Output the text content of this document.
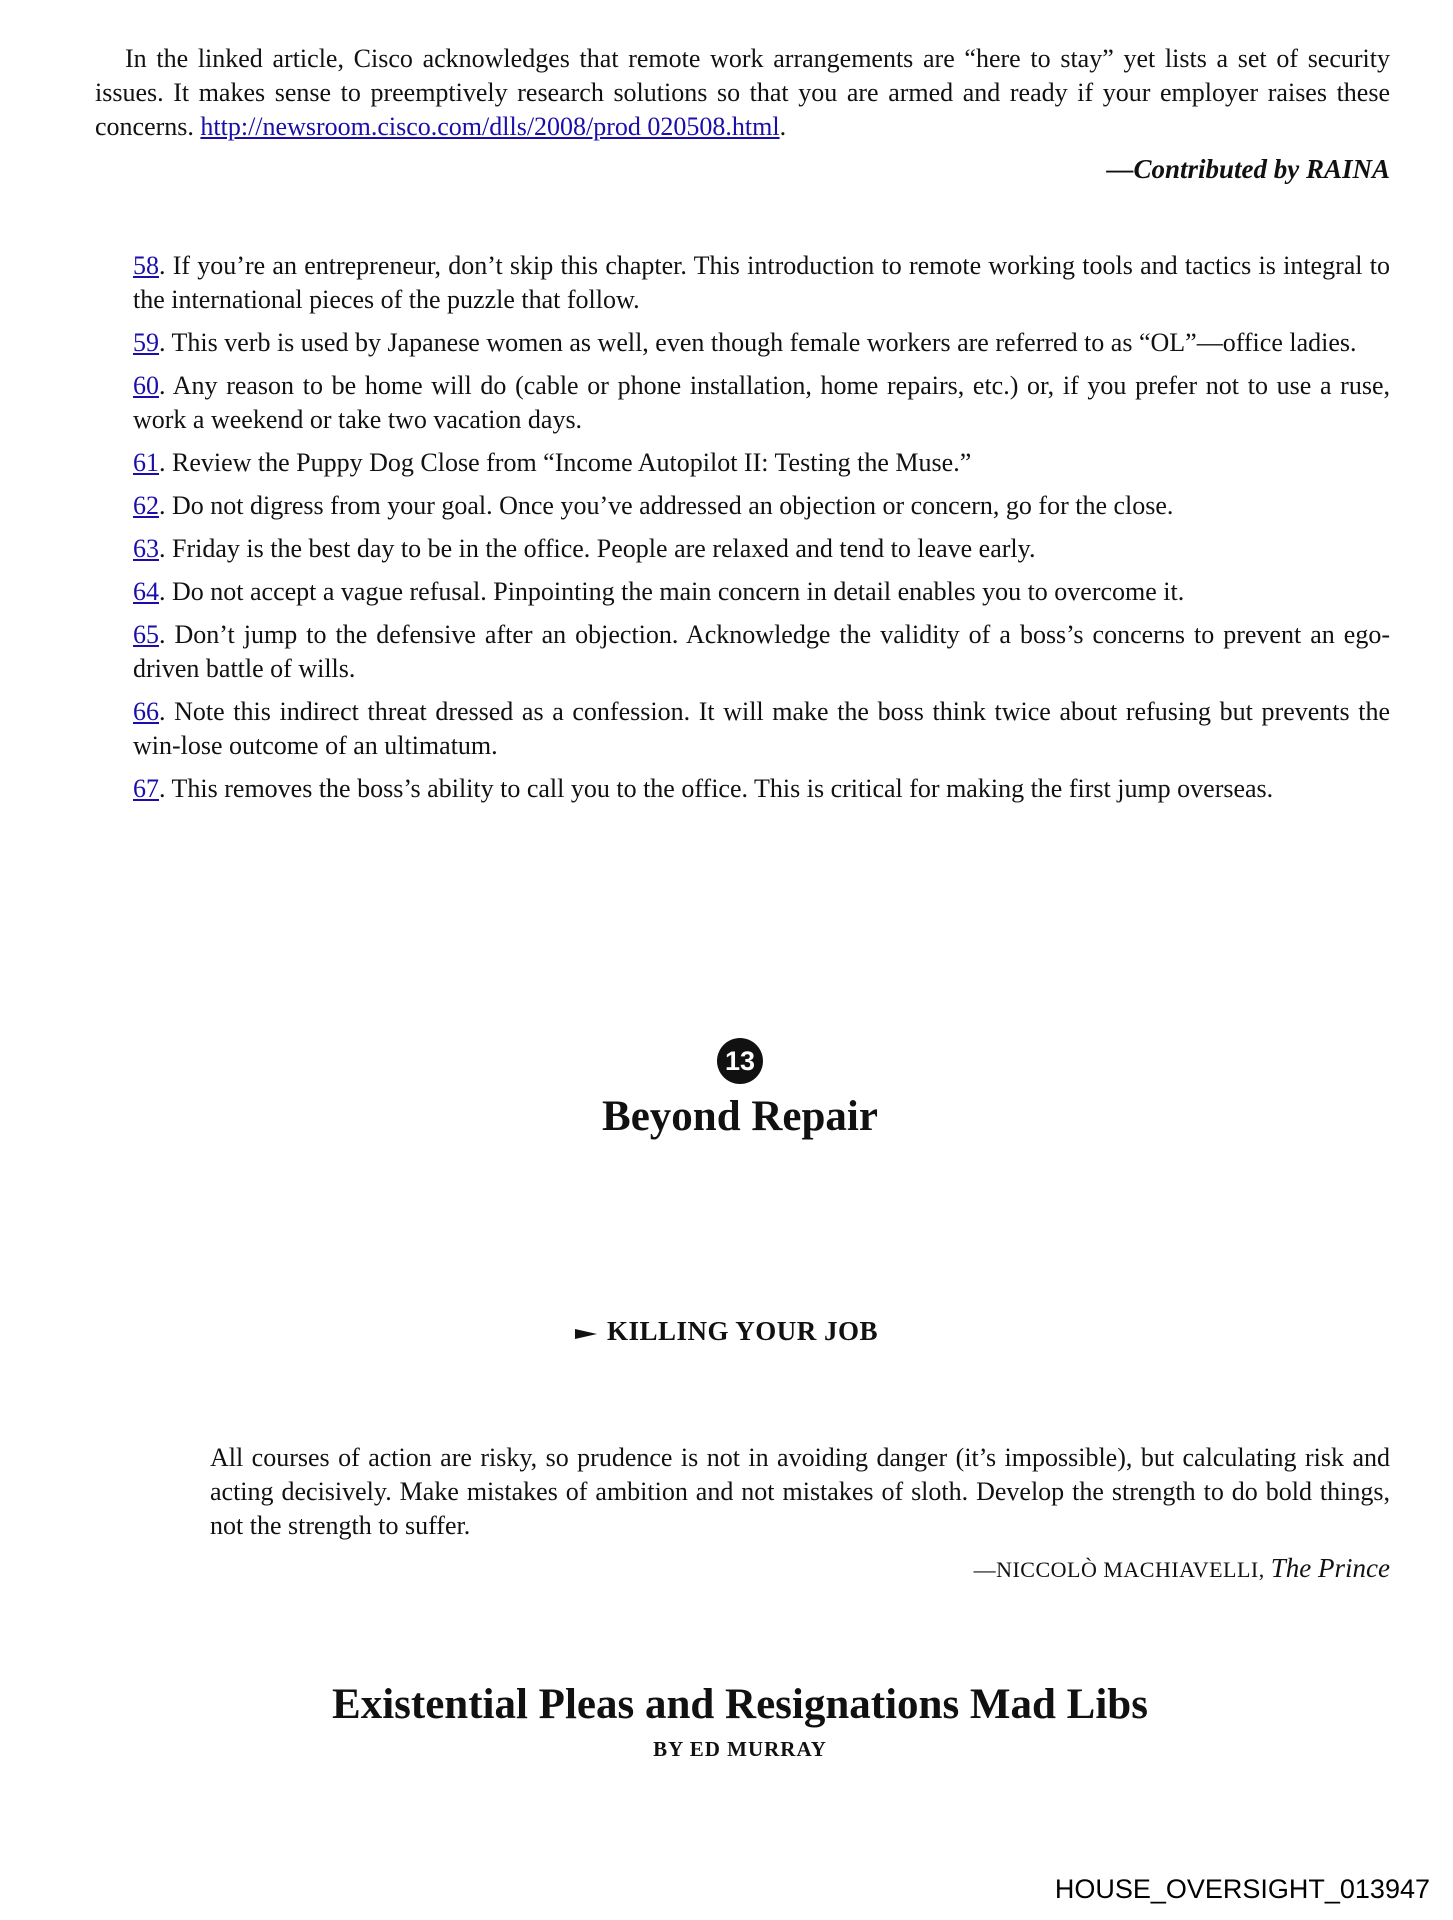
In the linked article, Cisco acknowledges that remote work arrangements are “here to stay” yet lists a set of security issues. It makes sense to preemptively research solutions so that you are armed and ready if your employer raises these concerns. http://newsroom.cisco.com/dlls/2008/prod 020508.html.

—Contributed by RAINA

58. If you’re an entrepreneur, don’t skip this chapter. This introduction to remote working tools and tactics is integral to the international pieces of the puzzle that follow.

59. This verb is used by Japanese women as well, even though female workers are referred to as “OL”—office ladies.

60. Any reason to be home will do (cable or phone installation, home repairs, etc.) or, if you prefer not to use a ruse, work a weekend or take two vacation days.

61. Review the Puppy Dog Close from “Income Autopilot II: Testing the Muse.”

62. Do not digress from your goal. Once you’ve addressed an objection or concern, go for the close.

63. Friday is the best day to be in the office. People are relaxed and tend to leave early.

64. Do not accept a vague refusal. Pinpointing the main concern in detail enables you to overcome it.

65. Don’t jump to the defensive after an objection. Acknowledge the validity of a boss’s concerns to prevent an ego-driven battle of wills.

66. Note this indirect threat dressed as a confession. It will make the boss think twice about refusing but prevents the win-lose outcome of an ultimatum.

67. This removes the boss’s ability to call you to the office. This is critical for making the first jump overseas.

13
Beyond Repair
KILLING YOUR JOB

All courses of action are risky, so prudence is not in avoiding danger (it’s impossible), but calculating risk and acting decisively. Make mistakes of ambition and not mistakes of sloth. Develop the strength to do bold things, not the strength to suffer.

—NICCOLÒ MACHIAVELLI, The Prince
Existential Pleas and Resignations Mad Libs
BY ED MURRAY
HOUSE_OVERSIGHT_013947
